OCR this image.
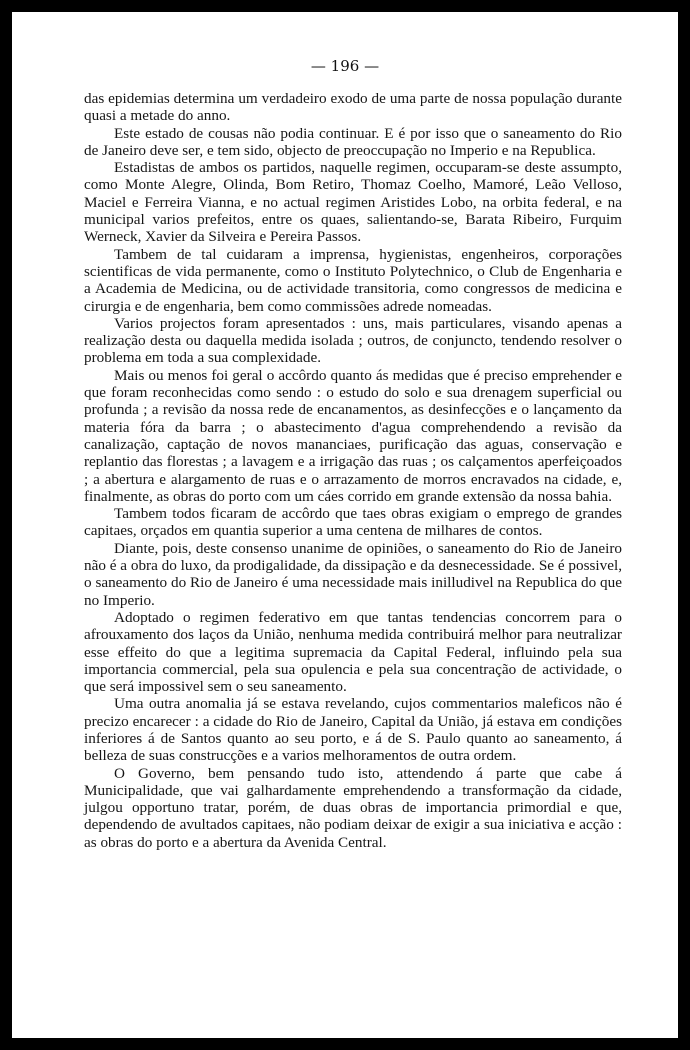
— 196 —

das epidemias determina um verdadeiro exodo de uma parte de nossa população durante quasi a metade do anno.

Este estado de cousas não podia continuar. E é por isso que o saneamento do Rio de Janeiro deve ser, e tem sido, objecto de preoccupação no Imperio e na Republica.

Estadistas de ambos os partidos, naquelle regimen, occuparam-se deste assumpto, como Monte Alegre, Olinda, Bom Retiro, Thomaz Coelho, Mamoré, Leão Velloso, Maciel e Ferreira Vianna, e no actual regimen Aristides Lobo, na orbita federal, e na municipal varios prefeitos, entre os quaes, salientando-se, Barata Ribeiro, Furquim Werneck, Xavier da Silveira e Pereira Passos.

Tambem de tal cuidaram a imprensa, hygienistas, engenheiros, corporações scientificas de vida permanente, como o Instituto Polytechnico, o Club de Engenharia e a Academia de Medicina, ou de actividade transitoria, como congressos de medicina e cirurgia e de engenharia, bem como commissões adrede nomeadas.

Varios projectos foram apresentados : uns, mais particulares, visando apenas a realização desta ou daquella medida isolada ; outros, de conjuncto, tendendo resolver o problema em toda a sua complexidade.

Mais ou menos foi geral o accôrdo quanto ás medidas que é preciso emprehender e que foram reconhecidas como sendo : o estudo do solo e sua drenagem superficial ou profunda ; a revisão da nossa rede de encanamentos, as desinfecções e o lançamento da materia fóra da barra ; o abastecimento d'agua comprehendendo a revisão da canalização, captação de novos mananciaes, purificação das aguas, conservação e replantio das florestas ; a lavagem e a irrigação das ruas ; os calçamentos aperfeiçoados ; a abertura e alargamento de ruas e o arrazamento de morros encravados na cidade, e, finalmente, as obras do porto com um cáes corrido em grande extensão da nossa bahia.

Tambem todos ficaram de accôrdo que taes obras exigiam o emprego de grandes capitaes, orçados em quantia superior a uma centena de milhares de contos.

Diante, pois, deste consenso unanime de opiniões, o saneamento do Rio de Janeiro não é a obra do luxo, da prodigalidade, da dissipação e da desnecessidade. Se é possivel, o saneamento do Rio de Janeiro é uma necessidade mais inilludivel na Republica do que no Imperio.

Adoptado o regimen federativo em que tantas tendencias concorrem para o afrouxamento dos laços da União, nenhuma medida contribuirá melhor para neutralizar esse effeito do que a legitima supremacia da Capital Federal, influindo pela sua importancia commercial, pela sua opulencia e pela sua concentração de actividade, o que será impossivel sem o seu saneamento.

Uma outra anomalia já se estava revelando, cujos commentarios maleficos não é precizo encarecer : a cidade do Rio de Janeiro, Capital da União, já estava em condições inferiores á de Santos quanto ao seu porto, e á de S. Paulo quanto ao saneamento, á belleza de suas construcções e a varios melhoramentos de outra ordem.

O Governo, bem pensando tudo isto, attendendo á parte que cabe á Municipalidade, que vai galhardamente emprehendendo a transformação da cidade, julgou opportuno tratar, porém, de duas obras de importancia primordial e que, dependendo de avultados capitaes, não podiam deixar de exigir a sua iniciativa e acção : as obras do porto e a abertura da Avenida Central.
